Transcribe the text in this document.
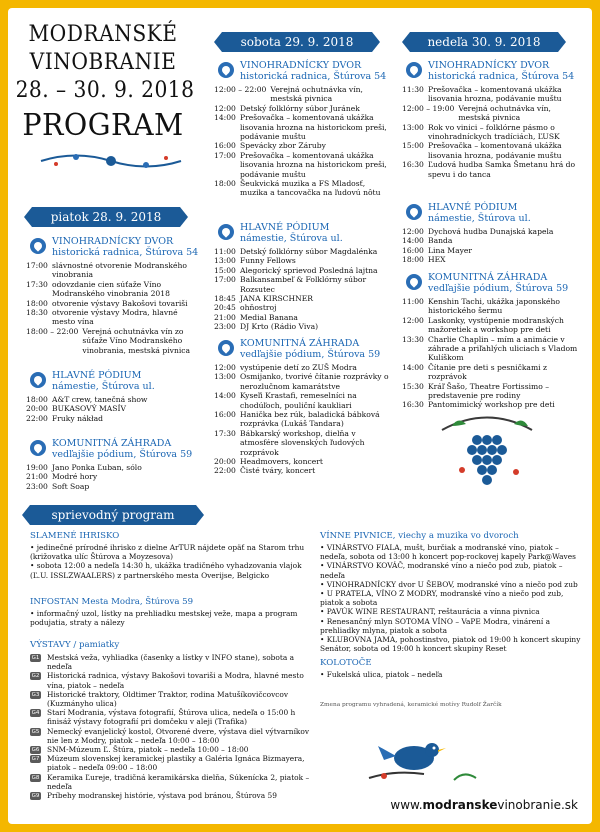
MODRANSKÉ
VINOBRANIE
28. – 30. 9. 2018
PROGRAM
piatok 28. 9. 2018
VINOHRADNÍCKY DVOR
historická radnica, Štúrova 54
17:00 slávnostné otvorenie Modranského vinobrania
17:30 odovzdanie cien súťaže Víno Modranského vinobrania 2018
18:00 otvorenie výstavy Bakošovi tovariši
18:30 otvorenie výstavy Modra, hlavné mesto vína
18:00 – 22:00 Verejná ochutnávka vín zo súťaže Víno Modranského vinobrania, mestská pivnica
HLAVNÉ PÓDIUM
námestie, Štúrova ul.
18:00 A&T crew, tanečná show
20:00 BUKASOVÝ MASÍV
22:00 Fruky nákład
KOMUNITNÁ ZÁHRADA
vedľajšie pódium, Štúrova 59
19:00 Jano Ponka Ľuban, sólo
21:00 Modré hory
23:00 Soft Soap
sobota 29. 9. 2018
VINOHRADNÍCKY DVOR
historická radnica, Štúrova 54
12:00 – 22:00 Verejná ochutnávka vín, mestská pivnica
12:00 Detský folklórny súbor Juránek
14:00 Prešovačka – komentovaná ukážka lisovania hrozna na historickom preši, podávanie muštu
16:00 Spevácky zbor Záruby
17:00 Prešovačka – komentovaná ukážka lisovania hrozna na historickom preši, podávanie muštu
18:00 Šeukvická muzika a FS Mladosť, muzika a tancovačka na ľudovú nôtu
HLAVNÉ PÓDIUM
námestie, Štúrova ul.
11:00 Detský folklórny súbor Magdalénka
13:00 Funny Fellows
15:00 Alegorický sprievod Posledná lajtna
17:00 Balkansambeľ & Folklórny súbor Rozsutec
18:45 JANA KIRSCHNER
20:45 ohňostroj
21:00 Medial Banana
23:00 DJ Krto (Rádio Viva)
KOMUNITNÁ ZÁHRADA
vedľajšie pódium, Štúrova 59
12:00 vystúpenie detí zo ZUŠ Modra
13:00 Osmijanko, tvorivé čítanie rozprávky o nerozlučnom kamarátstve
14:00 Kyseľi Krastafi, remeselníci na chodúľoch, pouliční kaukliari
16:00 Hanička bez rúk, baladická bábková rozprávka (Lukáš Tandara)
17:30 Bábkarský workshop, dielňa v atmosfére slovenských ľudových rozprávok
20:00 Headmovers, koncert
22:00 Čisté tváry, koncert
nedeľa 30. 9. 2018
VINOHRADNÍCKY DVOR
historická radnica, Štúrova 54
11:30 Prešovačka – komentovaná ukážka lisovania hrozna, podávanie muštu
12:00 – 19:00 Verejná ochutnávka vín, mestská pivnica
13:00 Rok vo vinici – folklórne pásmo o vinohradníckych tradíciách, ĽUSK
15:00 Prešovačka – komentovaná ukážka lisovania hrozna, podávanie muštu
16:30 Ľudová hudba Samka Šmetanu hrá do spevu i do tanca
HLAVNÉ PÓDIUM
námestie, Štúrova ul.
12:00 Dychová hudba Dunajská kapela
14:00 Banda
16:00 Lina Mayer
18:00 HEX
KOMUNITNÁ ZÁHRADA
vedľajšie pódium, Štúrova 59
11:00 Kenshin Tachi, ukážka japonského historického šermu
12:00 Laskonky, vystúpenie modranských mažoretiek a workshop pre deti
13:30 Charlie Chaplin – mím a animácie v záhrade a priľahlých uliciach s Vladom Kulíškom
14:00 Čítanie pre deti s pesničkami z rozprávok
15:30 Kráľ Šašo, Theatre Fortissimo – predstavenie pre rodiny
16:30 Pantomimický workshop pre deti
sprievodný program
SLAMENÉ IHRISKO
• jedinečné prírodné ihrisko z dielne ArTUR nájdete opäť na Starom trhu (križovatka ulíc Štúrova a Moyzesova)
• sobota 12:00 a nedeľa 14:30 h, ukážka tradičného vyhadzovania vlajok (Ľ.U. ISSLZWAALERS) z partnerského mesta Overijse, Belgicko
INFOSTAN Mesta Modra, Štúrova 59
• informačný uzol, lístky na prehliadku mestskej veže, mapa a program podujatia, straty a nálezy
VÝSTAVY / pamiatky
G1 Mestská veža, vyhliadka (časenky a lístky v INFO stane), sobota a nedeľa
G2 Historická radnica, výstavy Bakošovi tovariši a Modra, hlavné mesto vína, piatok – nedeľa
G3 Historické traktory, Oldtimer Traktor, rodina Matušíkovičcovcov (Kuzmányho ulica)
G4 Starí Modrania, výstava fotografií, Štúrova ulica, nedeľa o 15:00 h finisáž výstavy fotografií pri domčeku v aleji (Trafika)
G5 Nemecký evanjelický kostol, Otvorené dvere, výstava diel výtvarníkov nie len z Modry, piatok – nedeľa 10:00 – 18:00
G6 SNM-Múzeum Ľ. Štúra, piatok – nedeľa 10:00 – 18:00
G7 Múzeum slovenskej keramickej plastiky a Galéria Ignáca Bizmayera, piatok – nedeľa 09:00 – 18:00
G8 Keramika Ľureje, tradičná keramikárska dielňa, Súkenícka 2, piatok – nedeľa
G9 Príbehy modranskej histórie, výstava pod bránou, Štúrova 59
VÍNNE PIVNICE, viechy a muzika vo dvoroch
• VINÁRSTVO FIALA, mušt, burčiak a modranské víno, piatok – nedeľa, sobota od 13:00 h koncert pop-rockovej kapely Park@Waves
• VINÁRSTVO KOVÁČ, modranské víno a niečo pod zub, piatok – nedeľa
• VINOHRADNÍCKY dvor U ŠEBOV, modranské víno a niečo pod zub
• U PRATELA, VÍNO Z MODRY, modranské víno a niečo pod zub, piatok a sobota
• PAVÚK WINE RESTAURANT, reštaurácia a vínna pivnica
• Renesančný mlyn SOTOMA VÍNO – VaPE Modra, vinárení a prehliadky mlyna, piatok a sobota
• KLUBOVNA JAMA, pohostinstvo, piatok od 19:00 h koncert skupiny Senátor, sobota od 19:00 h koncert skupiny Reset
KOLOTOČE
• Fukelská ulica, piatok – nedeľa
Zmena programu vyhradená, keramické motívy Rudolf Žarčík
www.modranskevinobranie.sk
